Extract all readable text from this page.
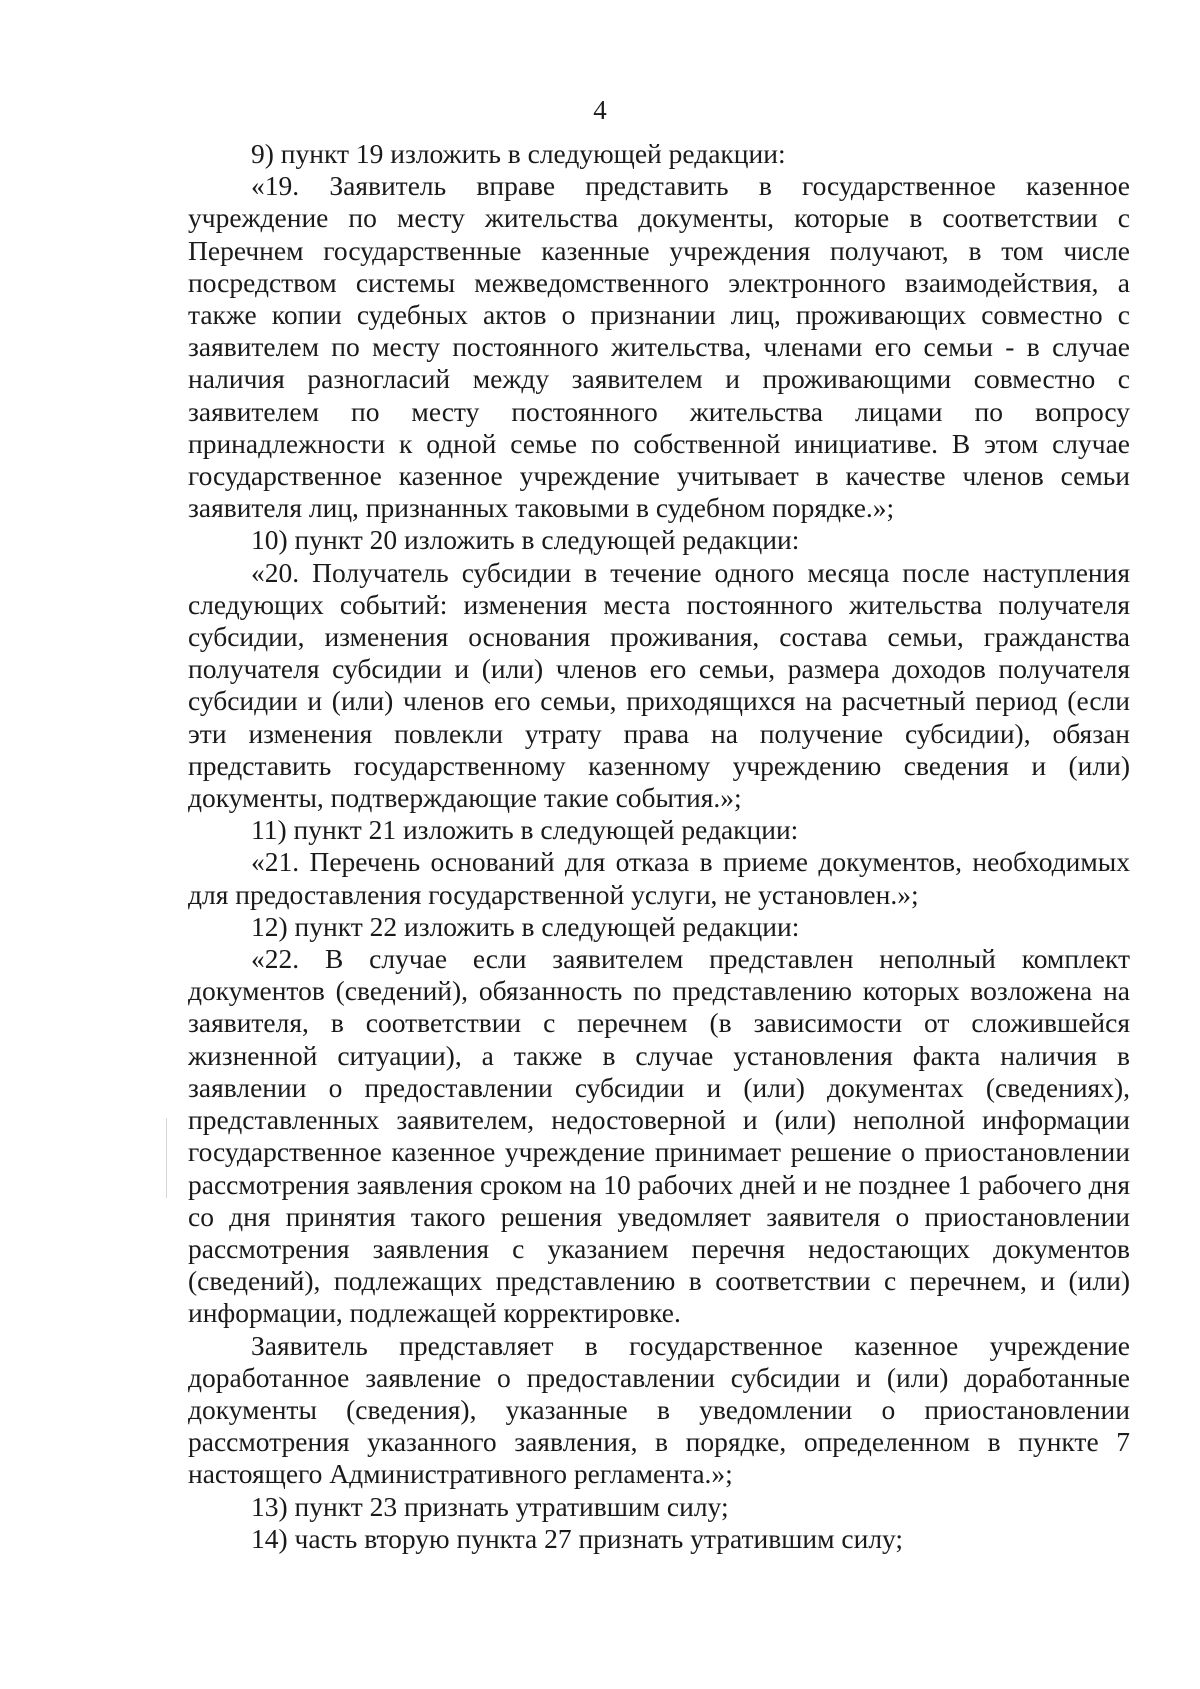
4

9) пункт 19 изложить в следующей редакции:

«19. Заявитель вправе представить в государственное казенное учреждение по месту жительства документы, которые в соответствии с Перечнем государственные казенные учреждения получают, в том числе посредством системы межведомственного электронного взаимодействия, а также копии судебных актов о признании лиц, проживающих совместно с заявителем по месту постоянного жительства, членами его семьи - в случае наличия разногласий между заявителем и проживающими совместно с заявителем по месту постоянного жительства лицами по вопросу принадлежности к одной семье по собственной инициативе. В этом случае государственное казенное учреждение учитывает в качестве членов семьи заявителя лиц, признанных таковыми в судебном порядке.»;

10) пункт 20 изложить в следующей редакции:

«20. Получатель субсидии в течение одного месяца после наступления следующих событий: изменения места постоянного жительства получателя субсидии, изменения основания проживания, состава семьи, гражданства получателя субсидии и (или) членов его семьи, размера доходов получателя субсидии и (или) членов его семьи, приходящихся на расчетный период (если эти изменения повлекли утрату права на получение субсидии), обязан представить государственному казенному учреждению сведения и (или) документы, подтверждающие такие события.»;

11) пункт 21 изложить в следующей редакции:

«21. Перечень оснований для отказа в приеме документов, необходимых для предоставления государственной услуги, не установлен.»;

12) пункт 22 изложить в следующей редакции:

«22. В случае если заявителем представлен неполный комплект документов (сведений), обязанность по представлению которых возложена на заявителя, в соответствии с перечнем (в зависимости от сложившейся жизненной ситуации), а также в случае установления факта наличия в заявлении о предоставлении субсидии и (или) документах (сведениях), представленных заявителем, недостоверной и (или) неполной информации государственное казенное учреждение принимает решение о приостановлении рассмотрения заявления сроком на 10 рабочих дней и не позднее 1 рабочего дня со дня принятия такого решения уведомляет заявителя о приостановлении рассмотрения заявления с указанием перечня недостающих документов (сведений), подлежащих представлению в соответствии с перечнем, и (или) информации, подлежащей корректировке.

Заявитель представляет в государственное казенное учреждение доработанное заявление о предоставлении субсидии и (или) доработанные документы (сведения), указанные в уведомлении о приостановлении рассмотрения указанного заявления, в порядке, определенном в пункте 7 настоящего Административного регламента.»;

13) пункт 23 признать утратившим силу;

14) часть вторую пункта 27 признать утратившим силу;
